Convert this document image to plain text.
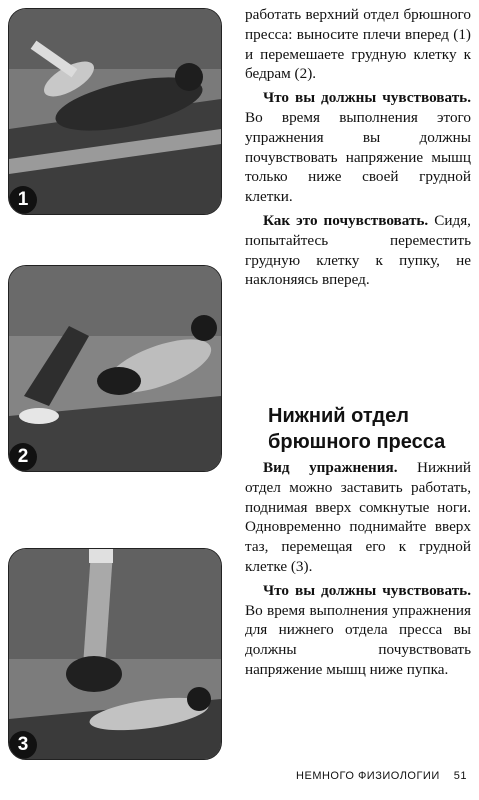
1
2
3

работать верхний отдел брюшного пресса: выносите плечи вперед (1) и перемешаете грудную клетку к бедрам (2).

Что вы должны чувствовать. Во время выполнения этого упражнения вы должны почувствовать напряжение мышц только ниже своей грудной клетки.

Как это почувствовать. Сидя, попытайтесь переместить грудную клетку к пупку, не наклоняясь вперед.

Нижний отдел брюшного пресса

Вид упражнения. Нижний отдел можно заставить работать, поднимая вверх сомкнутые ноги. Одновременно поднимайте вверх таз, перемещая его к грудной клетке (3).

Что вы должны чувствовать. Во время выполнения упражнения для нижнего отдела пресса вы должны почувствовать напряжение мышц ниже пупка.

НЕМНОГО ФИЗИОЛОГИИ 51
